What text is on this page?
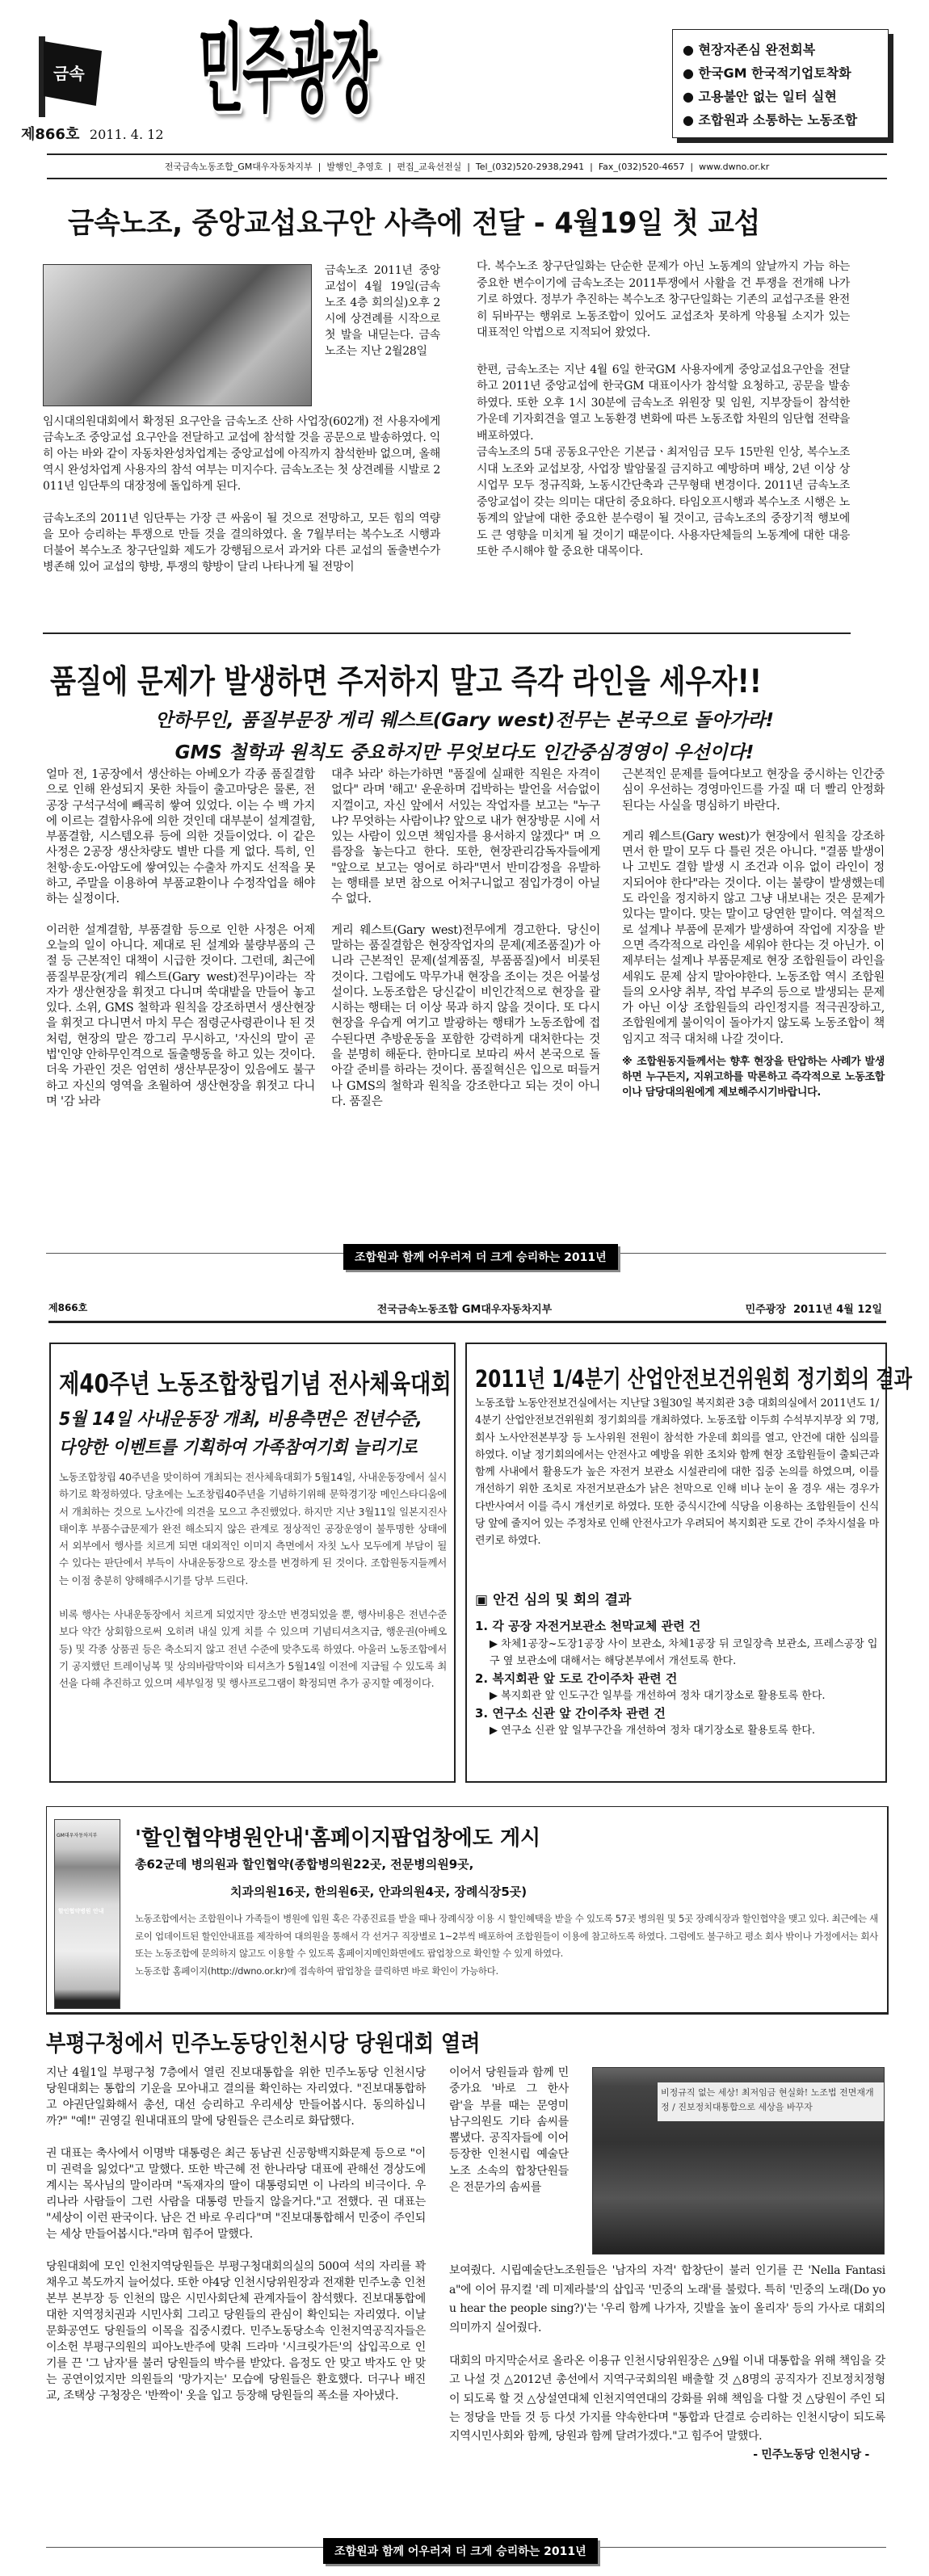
금속 민주광장
제866호 2011. 4. 12
● 현장자존심 완전회복
● 한국GM 한국적기업토착화
● 고용불안 없는 일터 실현
● 조합원과 소통하는 노동조합
전국금속노동조합_GM대우자동차지부  |  발행인_추영호  |  편집_교육선전실  |  Tel_(032)520-2938,2941  |  Fax_(032)520-4657  |  www.dwno.or.kr
금속노조, 중앙교섭요구안 사측에 전달 - 4월19일 첫 교섭
금속노조 2011년 중앙교섭이 4월 19일(금속노조 4층 회의실)오후 2시에 상견례를 시작으로 첫 발을 내딛는다. 금속노조는 지난 2월28일

임시대의원대회에서 확정된 요구안을 금속노조 산하 사업장(602개) 전 사용자에게 금속노조 중앙교섭 요구안을 전달하고 교섭에 참석할 것을 공문으로 발송하였다. 익히 아는 바와 같이 자동차완성차업계는 중앙교섭에 아직까지 참석한바 없으며, 올해 역시 완성차업계 사용자의 참석 여부는 미지수다. 금속노조는 첫 상견례를 시발로 2011년 임단투의 대장정에 돌입하게 된다.

금속노조의 2011년 임단투는 가장 큰 싸움이 될 것으로 전망하고, 모든 힘의 역량을 모아 승리하는 투쟁으로 만들 것을 결의하였다. 올 7월부터는 복수노조 시행과 더불어 복수노조 창구단일화 제도가 강행됨으로서 과거와 다른 교섭의 돌출변수가 병존해 있어 교섭의 향방, 투쟁의 향방이 달리 나타나게 될 전망이

다. 복수노조 창구단일화는 단순한 문제가 아닌 노동계의 앞날까지 가늠 하는 중요한 변수이기에 금속노조는 2011투쟁에서 사활을 건 투쟁을 전개해 나가기로 하였다. 정부가 추진하는 복수노조 창구단일화는 기존의 교섭구조를 완전히 뒤바꾸는 행위로 노동조합이 있어도 교섭조차 못하게 악용될 소지가 있는 대표적인 악법으로 지적되어 왔었다.

한편, 금속노조는 지난 4월 6일 한국GM 사용자에게 중앙교섭요구안을 전달하고 2011년 중앙교섭에 한국GM 대표이사가 참석할 요청하고, 공문을 발송하였다. 또한 오후 1시 30분에 금속노조 위원장 및 임원, 지부장들이 참석한 가운데 기자회견을 열고 노동환경 변화에 따른 노동조합 차원의 임단협 전략을 배포하였다.

금속노조의 5대 공동요구안은 기본급ㆍ최저임금 모두 15만원 인상, 복수노조 시대 노조와 교섭보장, 사업장 발암물질 금지하고 예방하며 배상, 2년 이상 상시업무 모두 정규직화, 노동시간단축과 근무형태 변경이다. 2011년 금속노조 중앙교섭이 갖는 의미는 대단히 중요하다. 타임오프시행과 복수노조 시행은 노동계의 앞날에 대한 중요한 분수령이 될 것이고, 금속노조의 중장기적 행보에도 큰 영향을 미치게 될 것이기 때문이다. 사용자단체들의 노동계에 대한 대응 또한 주시해야 할 중요한 대목이다.

품질에 문제가 발생하면 주저하지 말고 즉각 라인을 세우자!!
안하무인, 품질부문장 게리 웨스트(Gary west)전무는 본국으로 돌아가라!
GMS 철학과 원칙도 중요하지만 무엇보다도 인간중심경영이 우선이다!

얼마 전, 1공장에서 생산하는 아베오가 각종 품질결함으로 인해 완성되지 못한 차들이 출고마당은 물론, 전 공장 구석구석에 빼곡히 쌓여 있었다. 이는 수 백 가지에 이르는 결함사유에 의한 것인데 대부분이 설계결함, 부품결함, 시스템오류 등에 의한 것들이었다. 이 같은 사정은 2공장 생산차량도 별반 다를 게 없다. 특히, 인천항·송도·아암도에 쌓여있는 수출차 까지도 선적을 못하고, 주말을 이용하여 부품교환이나 수정작업을 해야 하는 실정이다.

이러한 설계결함, 부품결함 등으로 인한 사정은 어제 오늘의 일이 아니다. 제대로 된 설계와 불량부품의 근절 등 근본적인 대책이 시급한 것이다. 그런데, 최근에 품질부문장(게리 웨스트(Gary west)전무)이라는 작자가 생산현장을 휘젓고 다니며 쑥대밭을 만들어 놓고 있다. 소위, GMS 철학과 원칙을 강조하면서 생산현장을 휘젓고 다니면서 마치 무슨 점령군사령관이나 된 것처럼, 현장의 말은 깡그리 무시하고, '자신의 말이 곧 법'인양 안하무인격으로 돌출행동을 하고 있는 것이다. 더욱 가관인 것은 엄연히 생산부문장이 있음에도 불구하고 자신의 영역을 초월하여 생산현장을 휘젓고 다니며 '감 놔라

대추 놔라' 하는가하면 "품질에 실패한 직원은 자격이 없다" 라며 '해고' 운운하며 겁박하는 발언을 서슴없이 지껄이고, 자신 앞에서 서있는 작업자를 보고는 "누구냐? 무엇하는 사람이냐? 앞으로 내가 현장방문 시에 서있는 사람이 있으면 책임자를 용서하지 않겠다" 며 으름장을 놓는다고 한다. 또한, 현장관리감독자들에게 "앞으로 보고는 영어로 하라"면서 반미감정을 유발하는 행태를 보면 참으로 어처구니없고 점입가경이 아닐 수 없다.

게리 웨스트(Gary west)전무에게 경고한다. 당신이 말하는 품질결함은 현장작업자의 문제(제조품질)가 아니라 근본적인 문제(설계품질, 부품품질)에서 비롯된 것이다. 그럼에도 막무가내 현장을 조이는 것은 어불성설이다. 노동조합은 당신같이 비인간적으로 현장을 괄시하는 행태는 더 이상 묵과 하지 않을 것이다. 또 다시 현장을 우습게 여기고 발광하는 행태가 노동조합에 접수된다면 추방운동을 포함한 강력하게 대처한다는 것을 분명히 해둔다. 한마디로 보따리 싸서 본국으로 돌아갈 준비를 하라는 것이다. 품질혁신은 입으로 떠들거나 GMS의 철학과 원칙을 강조한다고 되는 것이 아니다. 품질은

근본적인 문제를 들여다보고 현장을 중시하는 인간중심이 우선하는 경영마인드를 가질 때 더 빨리 안정화 된다는 사실을 명심하기 바란다.

게리 웨스트(Gary west)가 현장에서 원칙을 강조하면서 한 말이 모두 다 틀린 것은 아니다. "결품 발생이나 고빈도 결함 발생 시 조건과 이유 없이 라인이 정지되어야 한다"라는 것이다. 이는 불량이 발생했는데도 라인을 정지하지 않고 그냥 내보내는 것은 문제가 있다는 말이다. 맞는 말이고 당연한 말이다. 역설적으로 설계나 부품에 문제가 발생하여 작업에 지장을 받으면 즉각적으로 라인을 세워야 한다는 것 아닌가. 이제부터는 설계나 부품문제로 현장 조합원들이 라인을 세워도 문제 삼지 말아야한다. 노동조합 역시 조합원들의 오사양 취부, 작업 부주의 등으로 발생되는 문제가 아닌 이상 조합원들의 라인정지를 적극권장하고, 조합원에게 불이익이 돌아가지 않도록 노동조합이 책임지고 적극 대처해 나갈 것이다.

※ 조합원동지들께서는 향후 현장을 탄압하는 사례가 발생하면 누구든지, 지위고하를 막론하고 즉각적으로 노동조합이나 담당대의원에게 제보해주시기바랍니다.

조합원과 함께 어우러져 더 크게 승리하는 2011년
제866호	전국금속노동조합 GM대우자동차지부	민주광장  2011년 4월 12일
제40주년 노동조합창립기념 전사체육대회
5월 14일 사내운동장 개최, 비용측면은 전년수준,
다양한 이벤트를 기획하여 가족참여기회 늘리기로

노동조합창립 40주년을 맞이하여 개최되는 전사체육대회가 5월14일, 사내운동장에서 실시하기로 확정하였다. 당초에는 노조창립40주년을 기념하기위해 문학경기장 메인스타디움에서 개최하는 것으로 노사간에 의견을 모으고 추진했었다. 하지만 지난 3월11일 일본지진사태이후 부품수급문제가 완전 해소되지 않은 관계로 정상적인 공장운영이 불투명한 상태에서 외부에서 행사를 치르게 되면 대외적인 이미지 측면에서 자칫 노사 모두에게 부담이 될 수 있다는 판단에서 부득이 사내운동장으로 장소를 변경하게 된 것이다. 조합원동지들께서는 이점 충분히 양해해주시기를 당부 드린다.

비록 행사는 사내운동장에서 치르게 되었지만 장소만 변경되었을 뿐, 행사비용은 전년수준보다 약간 상회함으로써 오히려 내실 있게 치를 수 있으며 기념티셔츠지급, 행운권(아베오 등) 및 각종 상품권 등은 축소되지 않고 전년 수준에 맞추도록 하였다. 아울러 노동조합에서 기 공지했던 트레이닝복 및 상의바람막이와 티셔츠가 5월14일 이전에 지급될 수 있도록 최선을 다해 추진하고 있으며 세부일정 및 행사프로그램이 확정되면 추가 공지할 예정이다.

2011년 1/4분기 산업안전보건위원회 정기회의 결과
노동조합 노동안전보건실에서는 지난달 3월30일 복지회관 3층 대회의실에서 2011년도 1/4분기 산업안전보건위원회 정기회의를 개최하였다. 노동조합 이두희 수석부지부장 외 7명, 회사 노사안전본부장 등 노사위원 전원이 참석한 가운데 회의를 열고, 안건에 대한 심의를 하였다. 이날 정기회의에서는 안전사고 예방을 위한 조치와 함께 현장 조합원들이 출퇴근과 함께 사내에서 활용도가 높은 자전거 보관소 시설관리에 대한 집중 논의를 하였으며, 이를 개선하기 위한 조치로 자전거보관소가 낡은 천막으로 인해 비나 눈이 올 경우 새는 경우가 다반사여서 이를 즉시 개선키로 하였다. 또한 중식시간에 식당을 이용하는 조합원들이 신식당 앞에 줄지어 있는 주정차로 인해 안전사고가 우려되어 복지회관 도로 간이 주차시설을 마련키로 하였다.
▣ 안건 심의 및 회의 결과
1. 각 공장 자전거보관소 천막교체 관련 건
▶ 차체1공장~도장1공장 사이 보관소, 차체1공장 뒤 코일장측 보관소, 프레스공장 입구 옆 보관소에 대해서는 해당본부에서 개선토록 한다.
2. 복지회관 앞 도로 간이주차 관련 건
▶ 복지회관 앞 인도구간 일부를 개선하여 정차 대기장소로 활용토록 한다.
3. 연구소 신관 앞 간이주차 관련 건
▶ 연구소 신관 앞 일부구간을 개선하여 정차 대기장소로 활용토록 한다.
GM대우자동차지부
할인협약병원 안내
'할인협약병원안내'홈페이지팝업창에도 게시
총62군데 병의원과 할인협약(종합병의원22곳, 전문병의원9곳,
치과의원16곳, 한의원6곳, 안과의원4곳, 장례식장5곳)
노동조합에서는 조합원이나 가족들이 병원에 입원 혹은 각종진료를 받을 때나 장례식장 이용 시 할인혜택을 받을 수 있도록 57곳 병의원 및 5곳 장례식장과 할인협약을 맺고 있다. 최근에는 새로이 업데이트된 할인안내표를 제작하여 대의원을 통해서 각 선거구 직장별로 1~2부씩 배포하여 조합원들이 이용에 참고하도록 하였다. 그럼에도 불구하고 평소 회사 밖이나 가정에서는 회사 또는 노동조합에 문의하지 않고도 이용할 수 있도록 홈페이지메인화면에도 팝업창으로 확인할 수 있게 하였다.
노동조합 홈페이지(http://dwno.or.kr)에 접속하여 팝업창을 클릭하면 바로 확인이 가능하다.
부평구청에서 민주노동당인천시당 당원대회 열려

지난 4월1일 부평구청 7층에서 열린 진보대통합을 위한 민주노동당 인천시당 당원대회는 통합의 기운을 모아내고 결의를 확인하는 자리였다. "진보대통합하고 야권단일화해서 총선, 대선 승리하고 우리세상 만들어봅시다. 동의하십니까?" "예!" 권영길 원내대표의 말에 당원들은 큰소리로 화답했다.

권 대표는 축사에서 이명박 대통령은 최근 동남권 신공항백지화문제 등으로 "이미 권력을 잃었다"고 말했다. 또한 박근혜 전 한나라당 대표에 관해선 경상도에 계시는 목사님의 말이라며 "독재자의 딸이 대통령되면 이 나라의 비극이다. 우리나라 사람들이 그런 사람을 대통령 만들지 않을거다."고 전했다. 권 대표는 "세상이 이런 판국이다. 남은 건 바로 우리다"며 "진보대통합해서 민중이 주인되는 세상 만들어봅시다."라며 힘주어 말했다.

당원대회에 모인 인천지역당원들은 부평구청대회의실의 500여 석의 자리를 꽉 채우고 복도까지 늘어섰다. 또한 야4당 인천시당위원장과 전재환 민주노총 인천본부 본부장 등 인천의 많은 시민사회단체 관계자들이 참석했다. 진보대통합에 대한 지역정치권과 시민사회 그리고 당원들의 관심이 확인되는 자리였다. 이날 문화공연도 당원들의 이목을 집중시켰다. 민주노동당소속 인천지역공직자들은 이소헌 부평구의원의 피아노반주에 맞춰 드라마 '시크릿가든'의 삽입곡으로 인기를 끈 '그 남자'를 불러 당원들의 박수를 받았다. 음정도 안 맞고 박자도 안 맞는 공연이었지만 의원들의 '망가지는' 모습에 당원들은 환호했다. 더구나 배진교, 조택상 구청장은 '반짝이' 옷을 입고 등장해 당원들의 폭소를 자아냈다.

이어서 당원들과 함께 민중가요 '바로 그 한사람'을 부를 때는 문영미 남구의원도 기타 솜씨를 뽐냈다. 공직자들에 이어 등장한 인천시립 예술단노조 소속의 합창단원들은 전문가의 솜씨를
비정규직 없는 세상! 최저임금 현실화! 노조법 전면재개정 / 진보정치대통합으로 세상을 바꾸자
보여줬다. 시립예술단노조원들은 '남자의 자격' 합창단이 불러 인기를 끈 'Nella Fantasia"에 이어 뮤지컬 '레 미제라블'의 삽입곡 '민중의 노래'를 불렀다. 특히 '민중의 노래(Do you hear the people sing?)'는 '우리 함께 나가자, 깃발을 높이 올리자' 등의 가사로 대회의 의미까지 실어줬다.
대회의 마지막순서로 올라온 이용규 인천시당위원장은 △9월 이내 대통합을 위해 책임을 갖고 나설 것 △2012년 총선에서 지역구국회의원 배출할 것 △8명의 공직자가 진보정치정형이 되도록 할 것 △상설연대체 인천지역연대의 강화를 위해 책임을 다할 것 △당원이 주인 되는 정당을 만들 것 등 다섯 가지를 약속한다며 "통합과 단결로 승리하는 인천시당이 되도록 지역시민사회와 함께, 당원과 함께 달려가겠다."고 힘주어 말했다.
- 민주노동당 인천시당 -
조합원과 함께 어우러져 더 크게 승리하는 2011년
